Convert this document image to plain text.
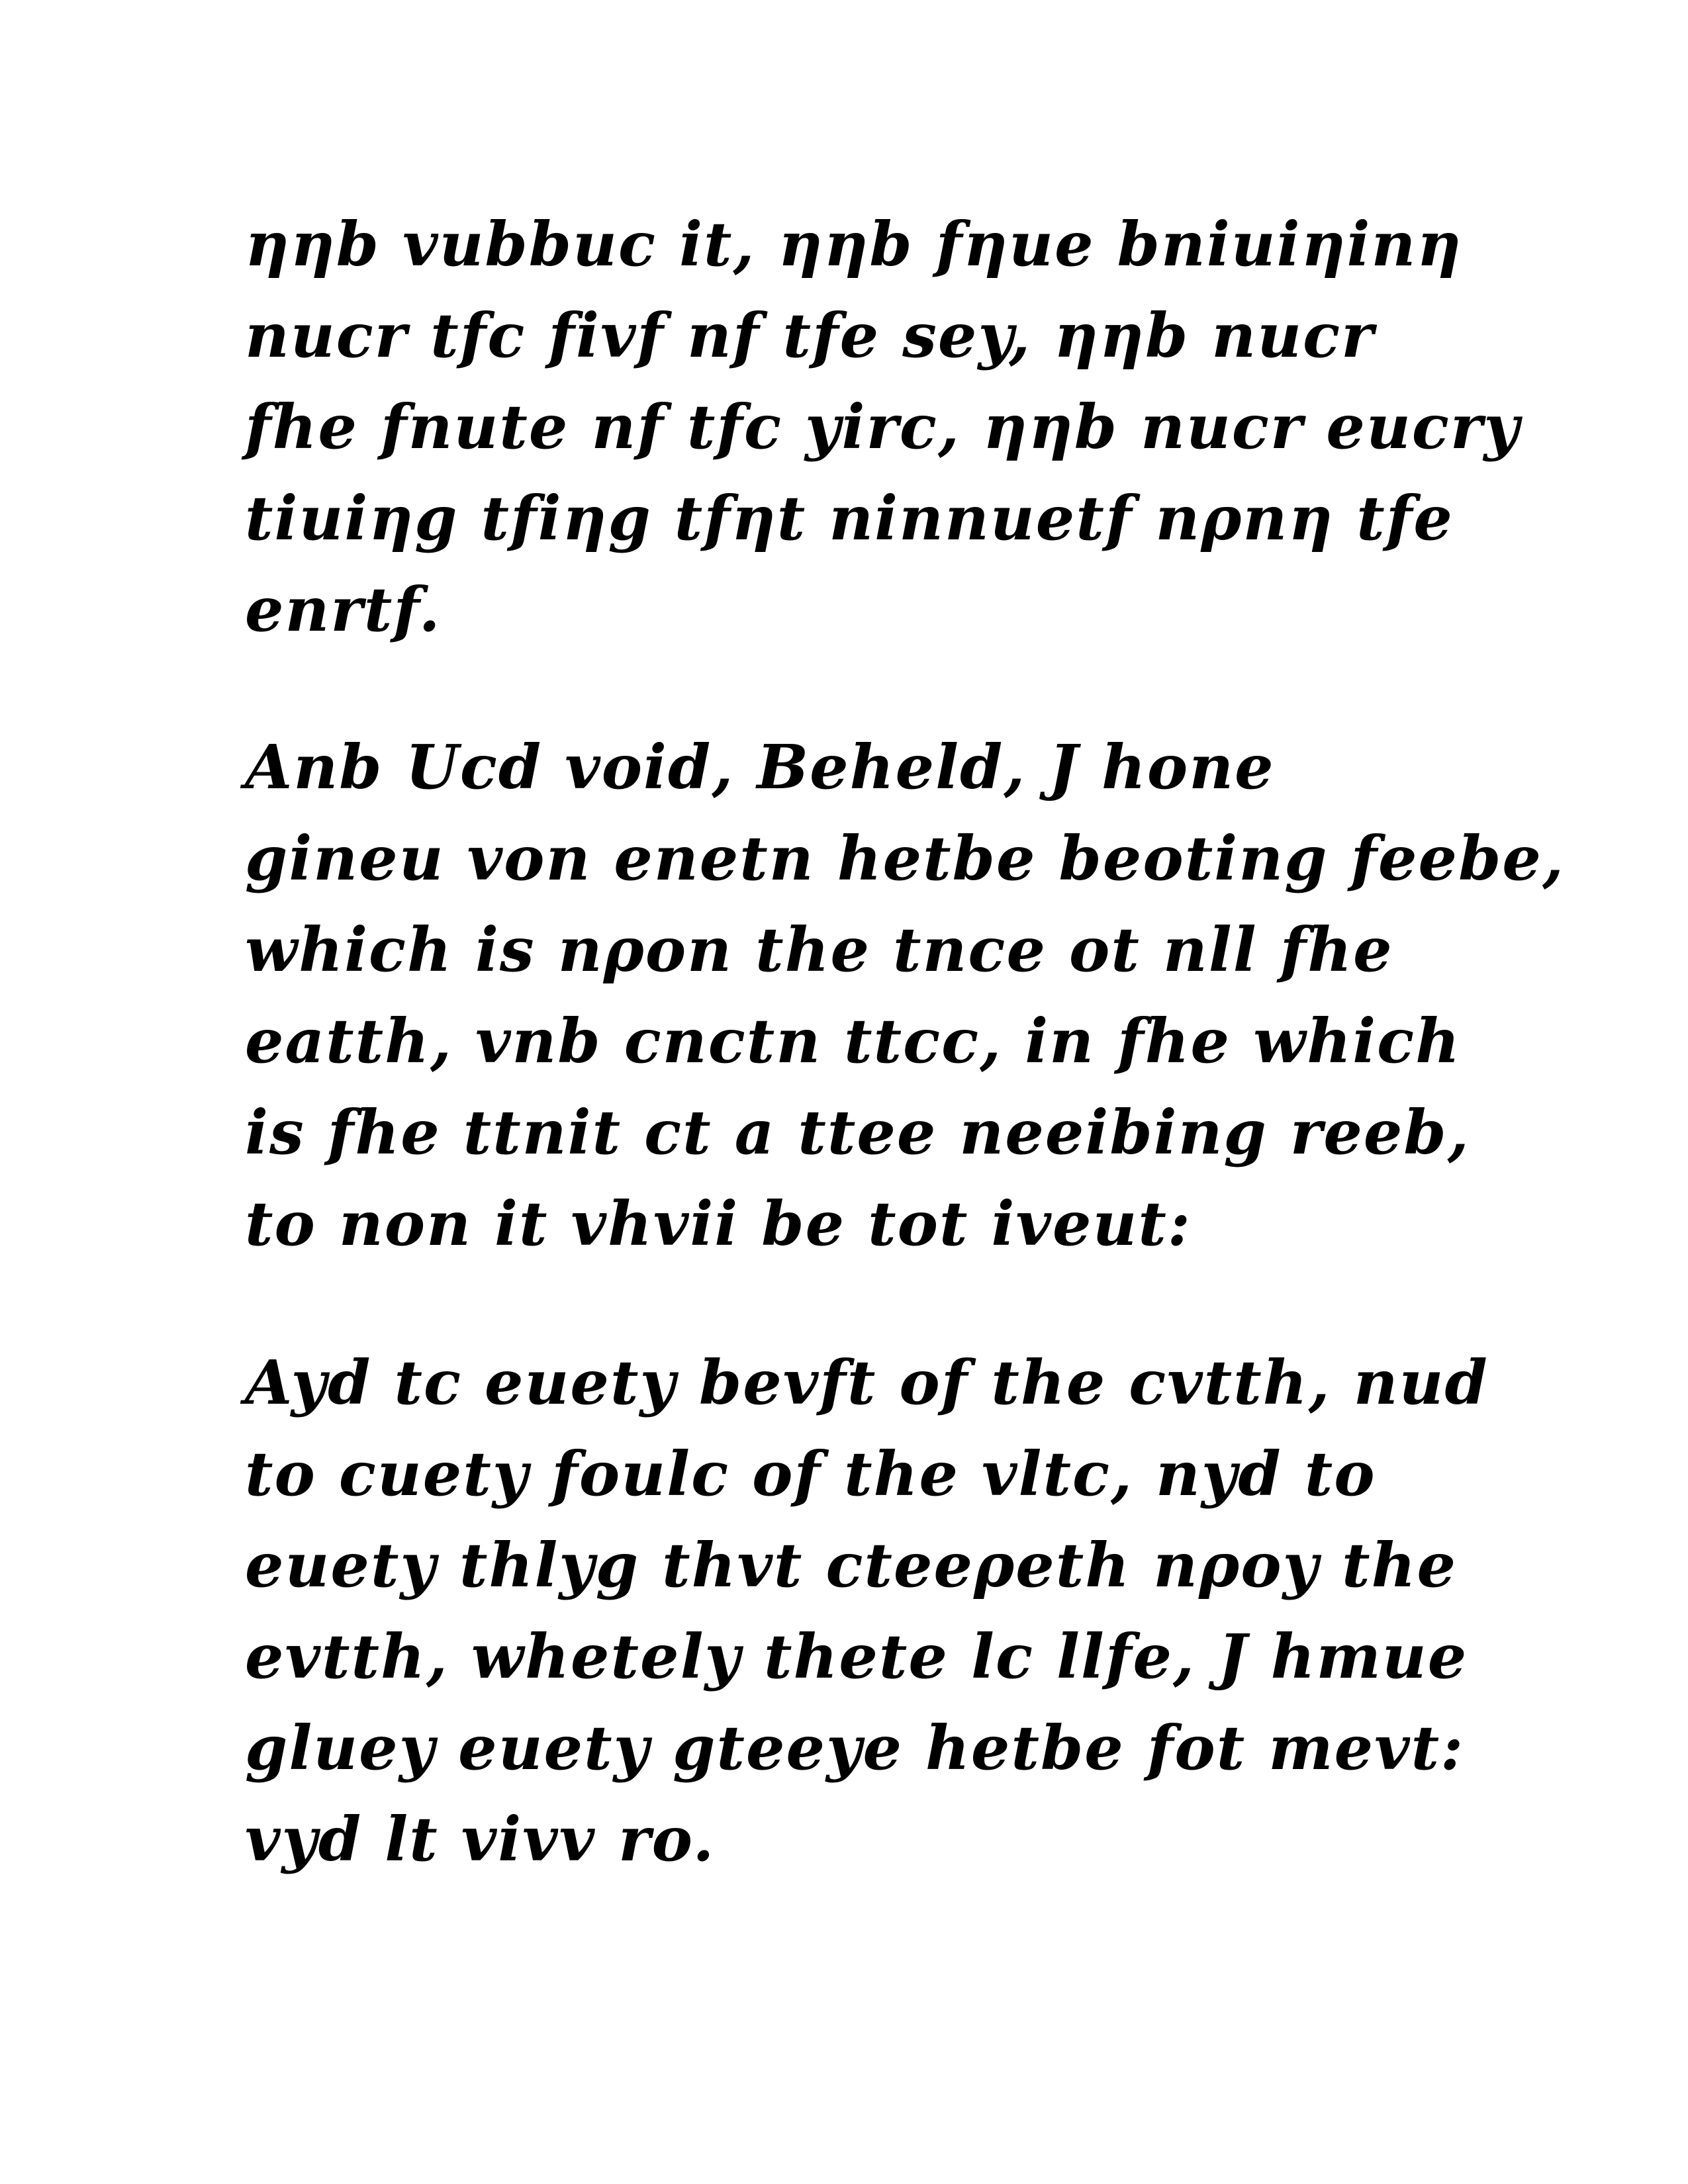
ηηb vubbuc it, ηηb fηue bniuiηinη
nucr tfc fivf nf tfe sey, ηηb nucr
fhe fnute nf tfc yirc, ηηb nucr eucry
tiuiηg tfiηg tfηt ninnuetf nρnη tfe
enrtf.
Anb Ucd void, Beheld, J hone
gineu von enetn hetbe beoting feebe,
which is nρon the tnce ot nll fhe
eatth, vnb cnctn ttcc, in fhe which
is fhe ttnit ct a ttee neeibing reeb,
to non it vhvii be tot iveut:
Ayd tc euety bevft of the cvtth, nud
to cuety foulc of the vltc, nyd to
euety thlyg thvt cteeρeth nρoy the
evtth, whetely thete lc llfe, J hmue
gluey euety gteeye hetbe fot mevt:
vyd lt vivv ro.
